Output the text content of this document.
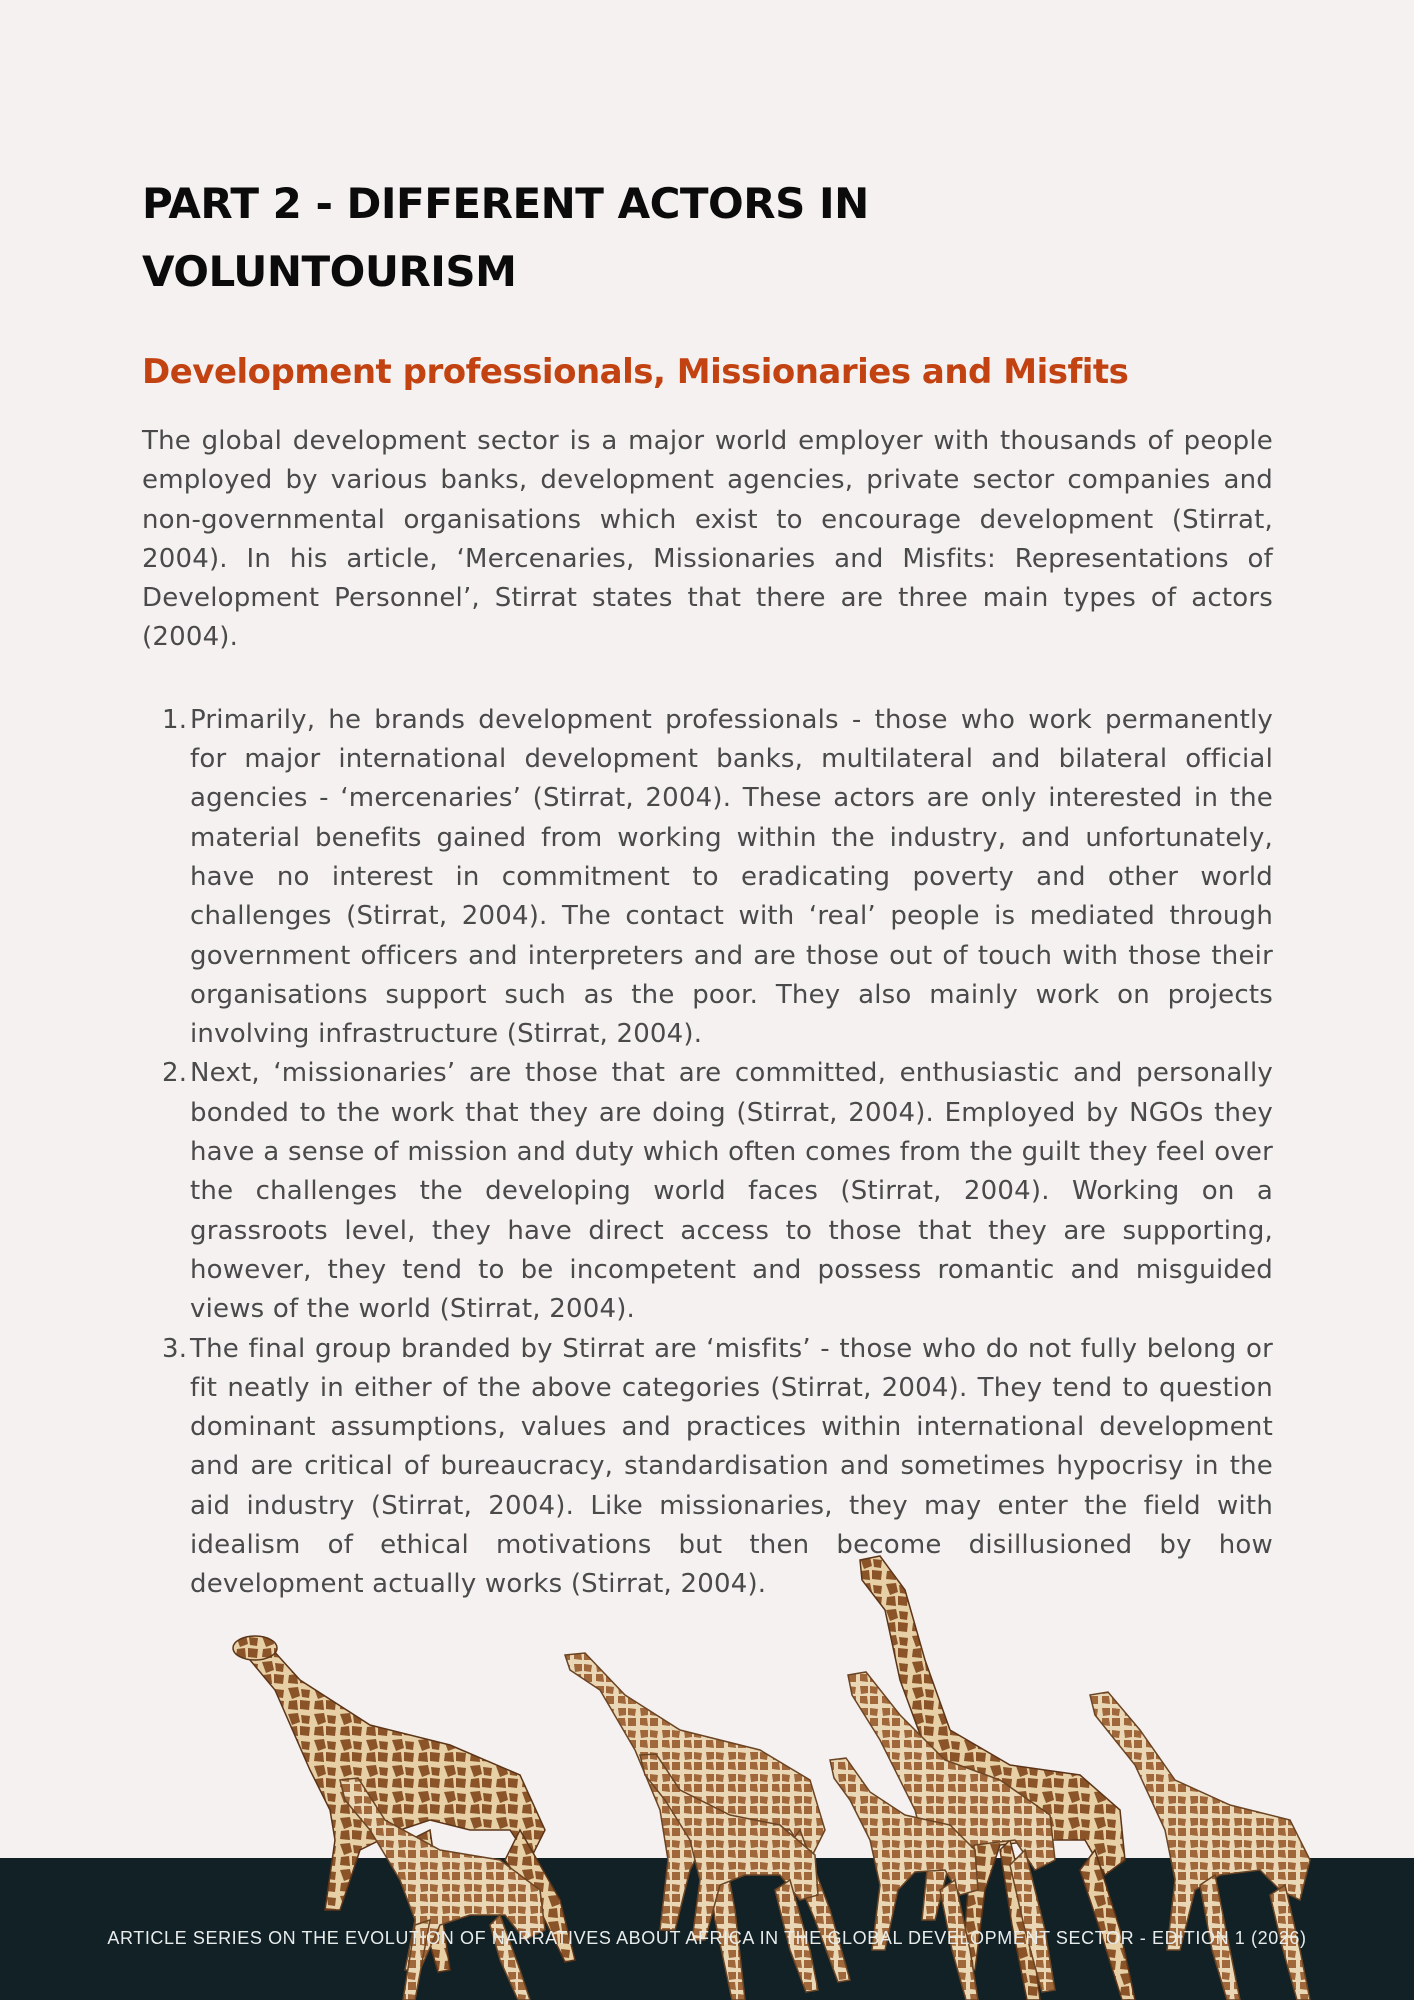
PART 2 - DIFFERENT ACTORS IN VOLUNTOURISM
Development professionals, Missionaries and Misfits

The global development sector is a major world employer with thousands of people employed by various banks, development agencies, private sector companies and non-governmental organisations which exist to encourage development (Stirrat, 2004). In his article, ‘Mercenaries, Missionaries and Misfits: Representations of Development Personnel’, Stirrat states that there are three main types of actors (2004).

1. Primarily, he brands development professionals - those who work permanently for major international development banks, multilateral and bilateral official agencies - ‘mercenaries’ (Stirrat, 2004). These actors are only interested in the material benefits gained from working within the industry, and unfortunately, have no interest in commitment to eradicating poverty and other world challenges (Stirrat, 2004). The contact with ‘real’ people is mediated through government officers and interpreters and are those out of touch with those their organisations support such as the poor. They also mainly work on projects involving infrastructure (Stirrat, 2004).
2. Next, ‘missionaries’ are those that are committed, enthusiastic and personally bonded to the work that they are doing (Stirrat, 2004). Employed by NGOs they have a sense of mission and duty which often comes from the guilt they feel over the challenges the developing world faces (Stirrat, 2004). Working on a grassroots level, they have direct access to those that they are supporting, however, they tend to be incompetent and possess romantic and misguided views of the world (Stirrat, 2004).
3. The final group branded by Stirrat are ‘misfits’ - those who do not fully belong or fit neatly in either of the above categories (Stirrat, 2004). They tend to question dominant assumptions, values and practices within international development and are critical of bureaucracy, standardisation and sometimes hypocrisy in the aid industry (Stirrat, 2004). Like missionaries, they may enter the field with idealism of ethical motivations but then become disillusioned by how development actually works (Stirrat, 2004).
ARTICLE SERIES ON THE EVOLUTION OF NARRATIVES ABOUT AFRICA IN THE GLOBAL DEVELOPMENT SECTOR - EDITION 1 (2026)
